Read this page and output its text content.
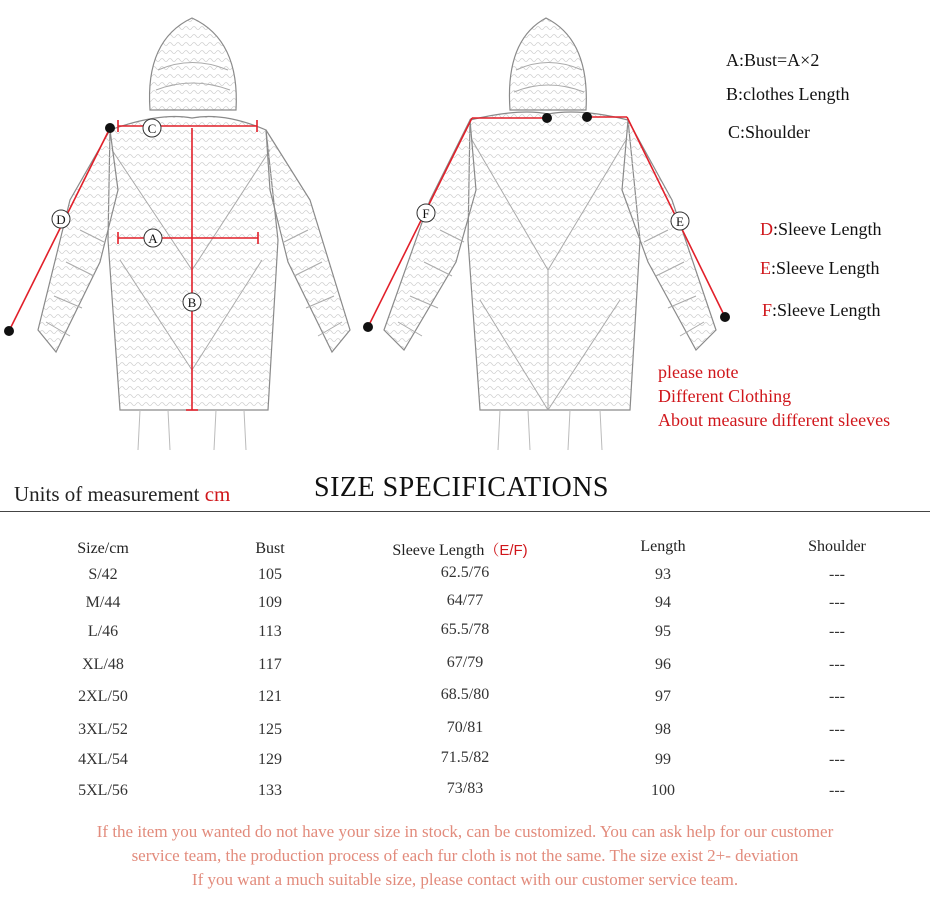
C
A
B
D	F
E
A:Bust=A×2
B:clothes Length
C:Shoulder
D:Sleeve Length
E:Sleeve Length
F:Sleeve Length
please note
Different Clothing
About measure different sleeves
Units of measurement cm	SIZE SPECIFICATIONS
Size/cm	Bust	Sleeve Length（E/F)	Length	Shoulder
S/42	105	62.5/76	93	---
M/44	109	64/77	94	---
L/46	113	65.5/78	95	---
XL/48	117	67/79	96	---
2XL/50	121	68.5/80	97	---
3XL/52	125	70/81	98	---
4XL/54	129	71.5/82	99	---
5XL/56	133	73/83	100	---
If the item you wanted do not have your size in stock, can be customized. You can ask help for our customer
service team, the production process of each fur cloth is not the same. The size exist 2+- deviation
If you want a much suitable size, please contact with our customer service team.
